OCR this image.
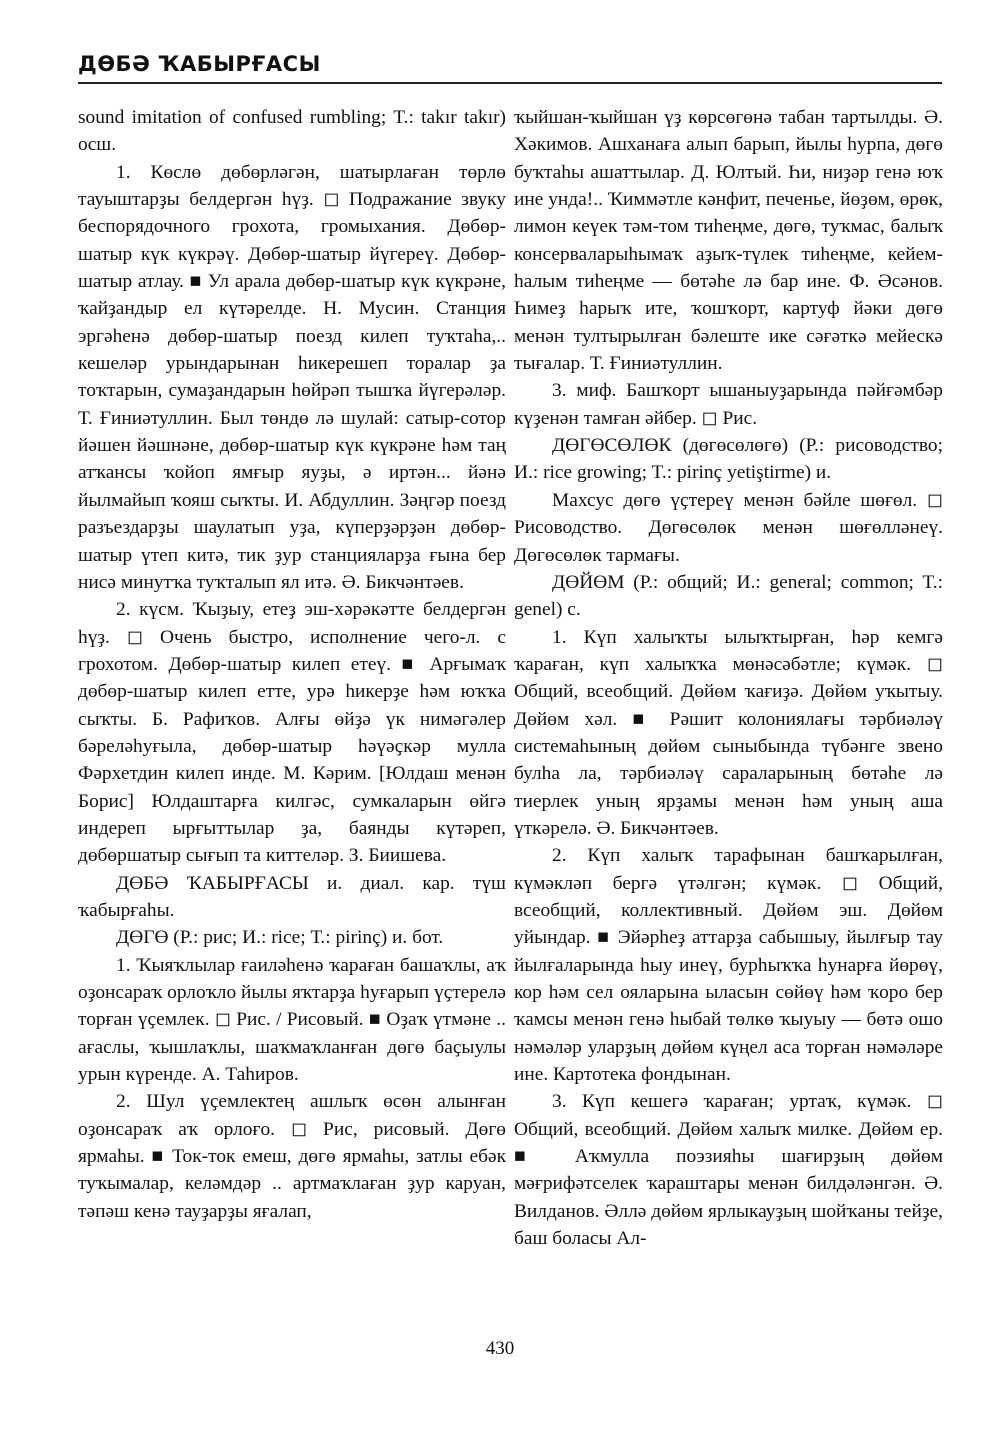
ДӨБӘ ҠАБЫРҒАСЫ

sound imitation of confused rumbling; T.: takır takır) ocш.

1. Көслө дөбөрләгән, шатырлаған төрлө тауыштарҙы белдергән һүҙ. ◻ Подражание звуку беспорядочного грохота, громыхания. Дөбөр-шатыр күк күкрәү. Дөбөр-шатыр йүгереү. Дөбөр-шатыр атлау. ■ Ул арала дөбөр-шатыр күк күкрәне, ҡайҙандыр ел күтәрелде. Н. Мусин. Станция эргәһенә дөбөр-шатыр поезд килеп туҡтаһа,.. кешеләр урындарынан һикерешеп торалар ҙа тоҡтарын, сумаҙандарын һөйрәп тышҡа йүгерәләр. Т. Ғиниәтуллин. Был төндө лә шулай: сатыр-сотор йәшен йәшнәне, дөбөр-шатыр күк күкрәне һәм таң атҡансы ҡойоп ямғыр яуҙы, ә иртән... йәнә йылмайып ҡояш сыҡты. И. Абдуллин. Зәңгәр поезд разъездарҙы шаулатып уҙа, күперҙәрҙән дөбөр-шатыр үтеп китә, тик ҙур станцияларҙа ғына бер нисә минутҡа туҡталып ял итә. Ә. Бикчәнтәев.

2. күсм. Ҡыҙыу, етеҙ эш-хәрәкәтте белдергән һүҙ. ◻ Очень быстро, исполнение чего-л. с грохотом. Дөбөр-шатыр килеп етеү. ■ Арғымаҡ дөбөр-шатыр килеп етте, урә һикерҙе һәм юҡҡа сыҡты. Б. Рафиҡов. Алғы өйҙә үк нимәгәлер бәреләһуғыла, дөбөр-шатыр һәүәҫкәр мулла Фәрхетдин килеп инде. М. Кәрим. [Юлдаш менән Борис] Юлдаштарға килгәс, сумкаларын өйгә индереп ырғыттылар ҙа, баянды күтәреп, дөбөршатыр сығып та киттеләр. З. Биишева.

ДӨБӘ ҠАБЫРҒАСЫ и. диал. кар. түш ҡабырғаһы.

ДӨГӨ (Р.: рис; И.: rice; Т.: pirinç) и. бот.

1. Ҡыяҡлылар ғаиләһенә ҡараған башаҡлы, аҡ оҙонсараҡ орлоҡло йылы яҡтарҙа һуғарып үҫтерелә торған үҫемлек. ◻ Рис. / Рисовый. ■ Оҙаҡ үтмәне .. ағаслы, ҡышлаҡлы, шаҡмаҡланған дөгө баҫыулы урын күренде. А. Таһиров.

2. Шул үҫемлектең ашлыҡ өсөн алынған оҙонсараҡ аҡ орлоғо. ◻ Рис, рисовый. Дөгө ярмаһы. ■ Ток-ток емеш, дөгө ярмаһы, затлы ебәк туҡымалар, келәмдәр .. артмаҡлаған ҙур каруан, тәпәш кенә тауҙарҙы яғалап,

ҡыйшан-ҡыйшан үҙ көрсөгөнә табан тартылды. Ә. Хәкимов. Ашханаға алып барып, йылы һурпа, дөгө буҡтаһы ашаттылар. Д. Юлтый. Һи, ниҙәр генә юҡ ине унда!.. Ҡиммәтле кәнфит, печенье, йөҙөм, өрөк, лимон кеүек тәм-том тиһеңме, дөгө, туҡмас, балыҡ консерваларыһымаҡ аҙыҡ-түлек тиһеңме, кейем-һалым тиһеңме — бөтәһе лә бар ине. Ф. Әсәнов. Һимеҙ һарыҡ ите, ҡошҡорт, картуф йәки дөгө менән тултырылған бәлеште ике сәғәткә мейескә тығалар. Т. Ғиниәтуллин.

3. миф. Башҡорт ышаныуҙарында пәйғәмбәр күҙенән тамған әйбер. ◻ Рис.

ДӨГӨСӨЛӨК (дөгөсөлөгө) (Р.: рисоводство; И.: rice growing; T.: pirinç yetiştirme) и.

Махсус дөгө үҫтереү менән бәйле шөғөл. ◻ Рисоводство. Дөгөсөлөк менән шөғөлләнеү. Дөгөсөлөк тармағы.

ДӨЙӨМ (Р.: общий; И.: general; common; T.: genel) с.

1. Күп халыҡты ылыҡтырған, һәр кемгә ҡараған, күп халыҡҡа мөнәсәбәтле; күмәк. ◻ Общий, всеобщий. Дөйөм ҡағиҙә. Дөйөм уҡытыу. Дөйөм хәл. ■ Рәшит колониялағы тәрбиәләү системаһының дөйөм сыныбында түбәнге звено булһа ла, тәрбиәләү сараларының бөтәһе лә тиерлек уның ярҙамы менән һәм уның аша үткәрелә. Ә. Бикчәнтәев.

2. Күп халыҡ тарафынан башҡарылған, күмәкләп бергә үтәлгән; күмәк. ◻ Общий, всеобщий, коллективный. Дөйөм эш. Дөйөм уйындар. ■ Эйәрһеҙ аттарҙа сабышыу, йылғыр тау йылғаларында һыу инеү, бурһыҡҡа һунарға йөрөү, кор һәм сел ояларына ыласын сөйөү һәм ҡоро бер ҡамсы менән генә һыбай төлкө ҡыуыу — бөтә ошо нәмәләр уларҙың дөйөм күңел аса торған нәмәләре ине. Картотека фондынан.

3. Күп кешегә ҡараған; уртаҡ, күмәк. ◻ Общий, всеобщий. Дөйөм халыҡ милке. Дөйөм ер. ■ Аҡмулла поэзияһы шағирҙың дөйөм мәғрифәтселек ҡараштары менән билдәләнгән. Ә. Вилданов. Әллә дөйөм ярлыкауҙың шойҡаны тейҙе, баш боласы Ал-

430
